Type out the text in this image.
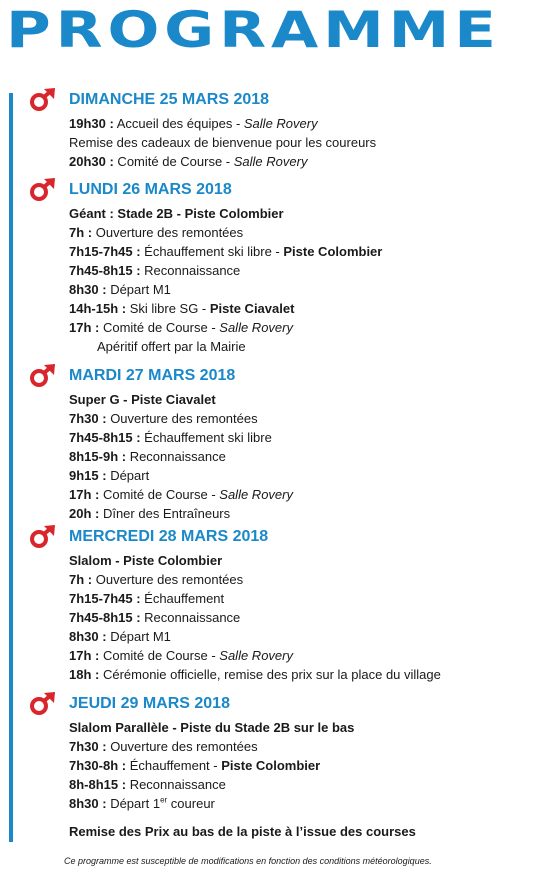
PROGRAMME
DIMANCHE 25 MARS 2018
19h30 : Accueil des équipes - Salle Rovery
Remise des cadeaux de bienvenue pour les coureurs
20h30 : Comité de Course - Salle Rovery
LUNDI 26 MARS 2018
Géant : Stade 2B - Piste Colombier
7h : Ouverture des remontées
7h15-7h45 : Échauffement ski libre - Piste Colombier
7h45-8h15 : Reconnaissance
8h30 : Départ M1
14h-15h : Ski libre SG - Piste Ciavalet
17h : Comité de Course - Salle Rovery
Apéritif offert par la Mairie
MARDI 27 MARS 2018
Super G - Piste Ciavalet
7h30 : Ouverture des remontées
7h45-8h15 : Échauffement ski libre
8h15-9h : Reconnaissance
9h15 : Départ
17h : Comité de Course - Salle Rovery
20h : Dîner des Entraîneurs
MERCREDI 28 MARS 2018
Slalom - Piste Colombier
7h : Ouverture des remontées
7h15-7h45 : Échauffement
7h45-8h15 : Reconnaissance
8h30 : Départ M1
17h : Comité de Course - Salle Rovery
18h : Cérémonie officielle, remise des prix sur la place du village
JEUDI 29 MARS 2018
Slalom Parallèle - Piste du Stade 2B sur le bas
7h30 : Ouverture des remontées
7h30-8h : Échauffement - Piste Colombier
8h-8h15 : Reconnaissance
8h30 : Départ 1er coureur
Remise des Prix au bas de la piste à l’issue des courses
Ce programme est susceptible de modifications en fonction des conditions météorologiques.
